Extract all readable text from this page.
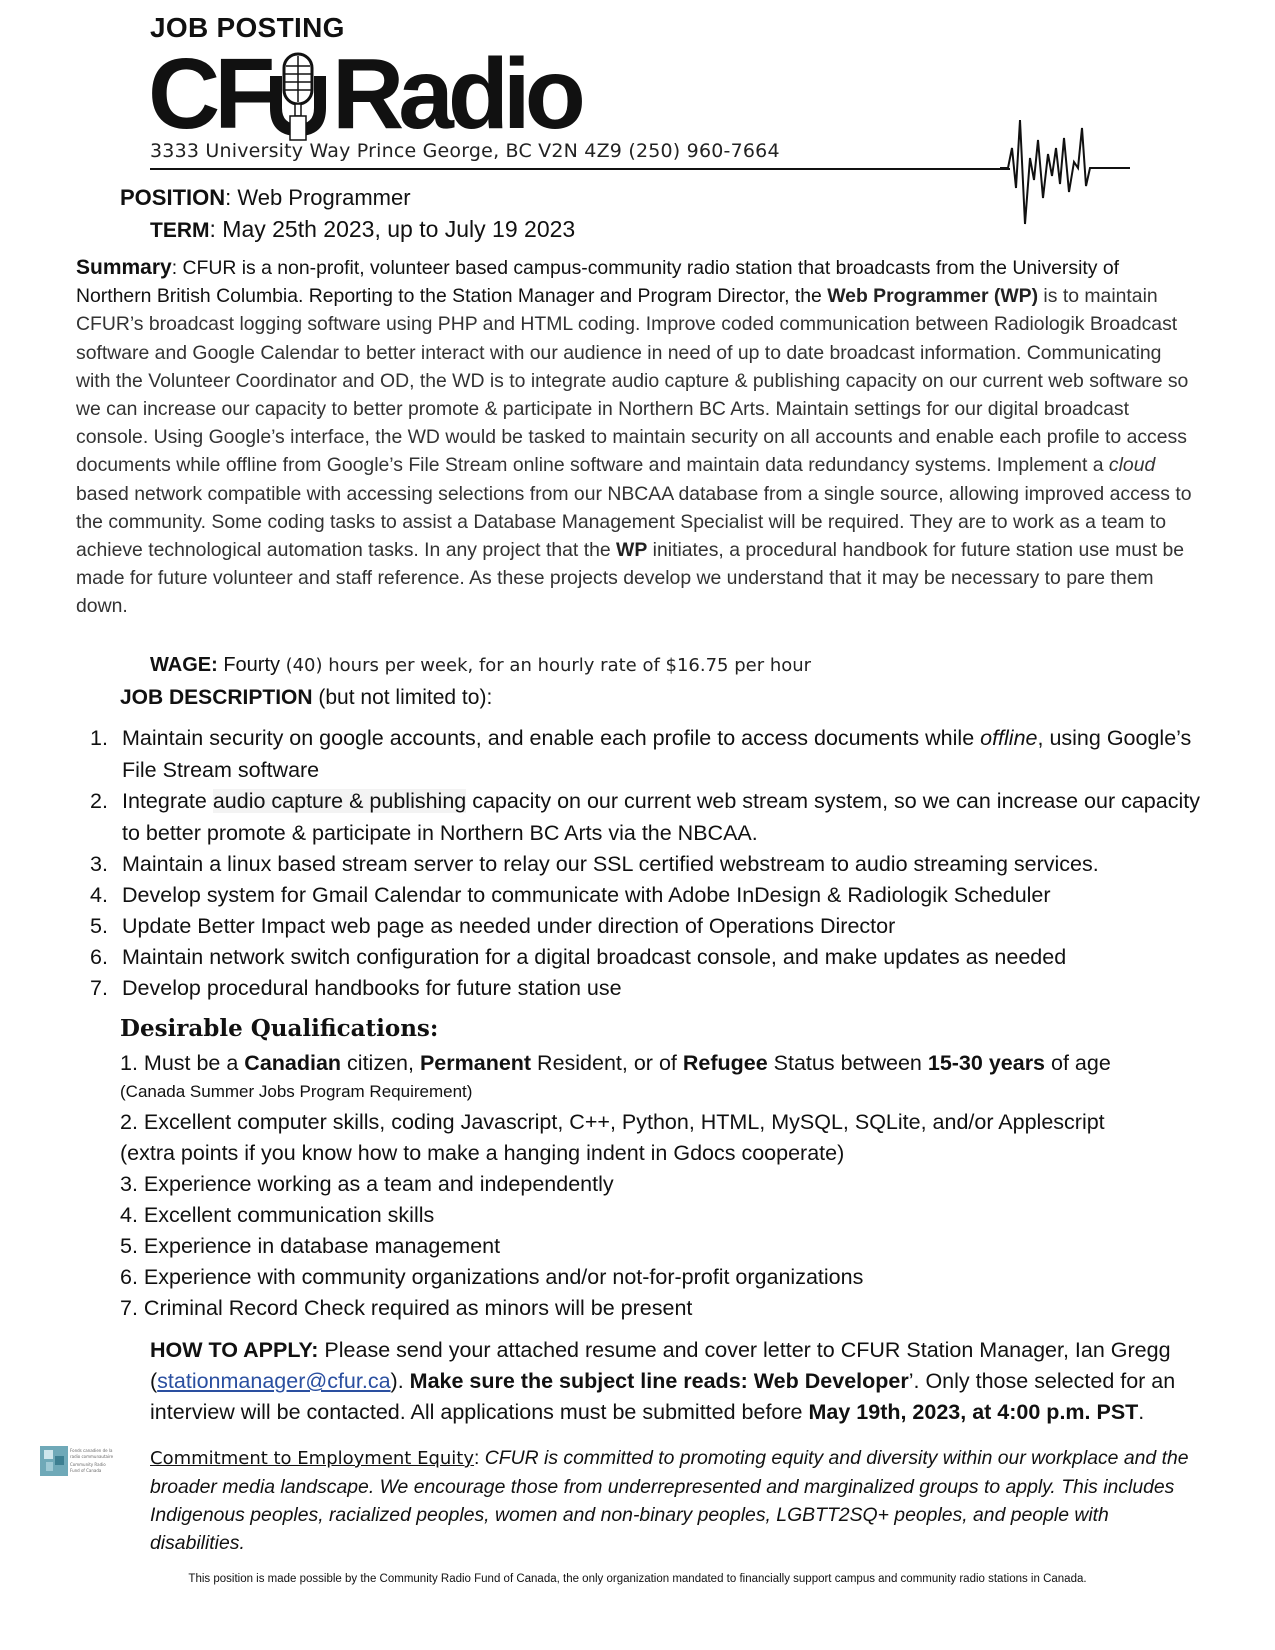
JOB POSTING
CF Radio
3333 University Way Prince George, BC V2N 4Z9 (250) 960-7664
POSITION: Web Programmer
TERM: May 25th 2023, up to July 19 2023
Summary: CFUR is a non-profit, volunteer based campus-community radio station that broadcasts from the University of Northern British Columbia. Reporting to the Station Manager and Program Director, the Web Programmer (WP) is to maintain CFUR’s broadcast logging software using PHP and HTML coding. Improve coded communication between Radiologik Broadcast software and Google Calendar to better interact with our audience in need of up to date broadcast information. Communicating with the Volunteer Coordinator and OD, the WD is to integrate audio capture & publishing capacity on our current web software so we can increase our capacity to better promote & participate in Northern BC Arts. Maintain settings for our digital broadcast console. Using Google’s interface, the WD would be tasked to maintain security on all accounts and enable each profile to access documents while offline from Google’s File Stream online software and maintain data redundancy systems. Implement a cloud based network compatible with accessing selections from our NBCAA database from a single source, allowing improved access to the community. Some coding tasks to assist a Database Management Specialist will be required. They are to work as a team to achieve technological automation tasks. In any project that the WP initiates, a procedural handbook for future station use must be made for future volunteer and staff reference. As these projects develop we understand that it may be necessary to pare them down.
WAGE: Fourty (40) hours per week, for an hourly rate of $16.75 per hour
JOB DESCRIPTION (but not limited to):
1. Maintain security on google accounts, and enable each profile to access documents while offline, using Google’s File Stream software
2. Integrate audio capture & publishing capacity on our current web stream system, so we can increase our capacity to better promote & participate in Northern BC Arts via the NBCAA.
3. Maintain a linux based stream server to relay our SSL certified webstream to audio streaming services.
4. Develop system for Gmail Calendar to communicate with Adobe InDesign & Radiologik Scheduler
5. Update Better Impact web page as needed under direction of Operations Director
6. Maintain network switch configuration for a digital broadcast console, and make updates as needed
7. Develop procedural handbooks for future station use
Desirable Qualifications:
1. Must be a Canadian citizen, Permanent Resident, or of Refugee Status between 15-30 years of age
(Canada Summer Jobs Program Requirement)
2. Excellent computer skills, coding Javascript, C++, Python, HTML, MySQL, SQLite, and/or Applescript
(extra points if you know how to make a hanging indent in Gdocs cooperate)
3. Experience working as a team and independently
4. Excellent communication skills
5. Experience in database management
6. Experience with community organizations and/or not-for-profit organizations
7. Criminal Record Check required as minors will be present
HOW TO APPLY: Please send your attached resume and cover letter to CFUR Station Manager, Ian Gregg (stationmanager@cfur.ca). Make sure the subject line reads: Web Developer’. Only those selected for an interview will be contacted. All applications must be submitted before May 19th, 2023, at 4:00 p.m. PST.
Fonds canadien de la
radio communautaire
Community Radio
Fund of Canada
Commitment to Employment Equity: CFUR is committed to promoting equity and diversity within our workplace and the broader media landscape. We encourage those from underrepresented and marginalized groups to apply. This includes Indigenous peoples, racialized peoples, women and non-binary peoples, LGBTT2SQ+ peoples, and people with disabilities.
This position is made possible by the Community Radio Fund of Canada, the only organization mandated to financially support campus and community radio stations in Canada.
